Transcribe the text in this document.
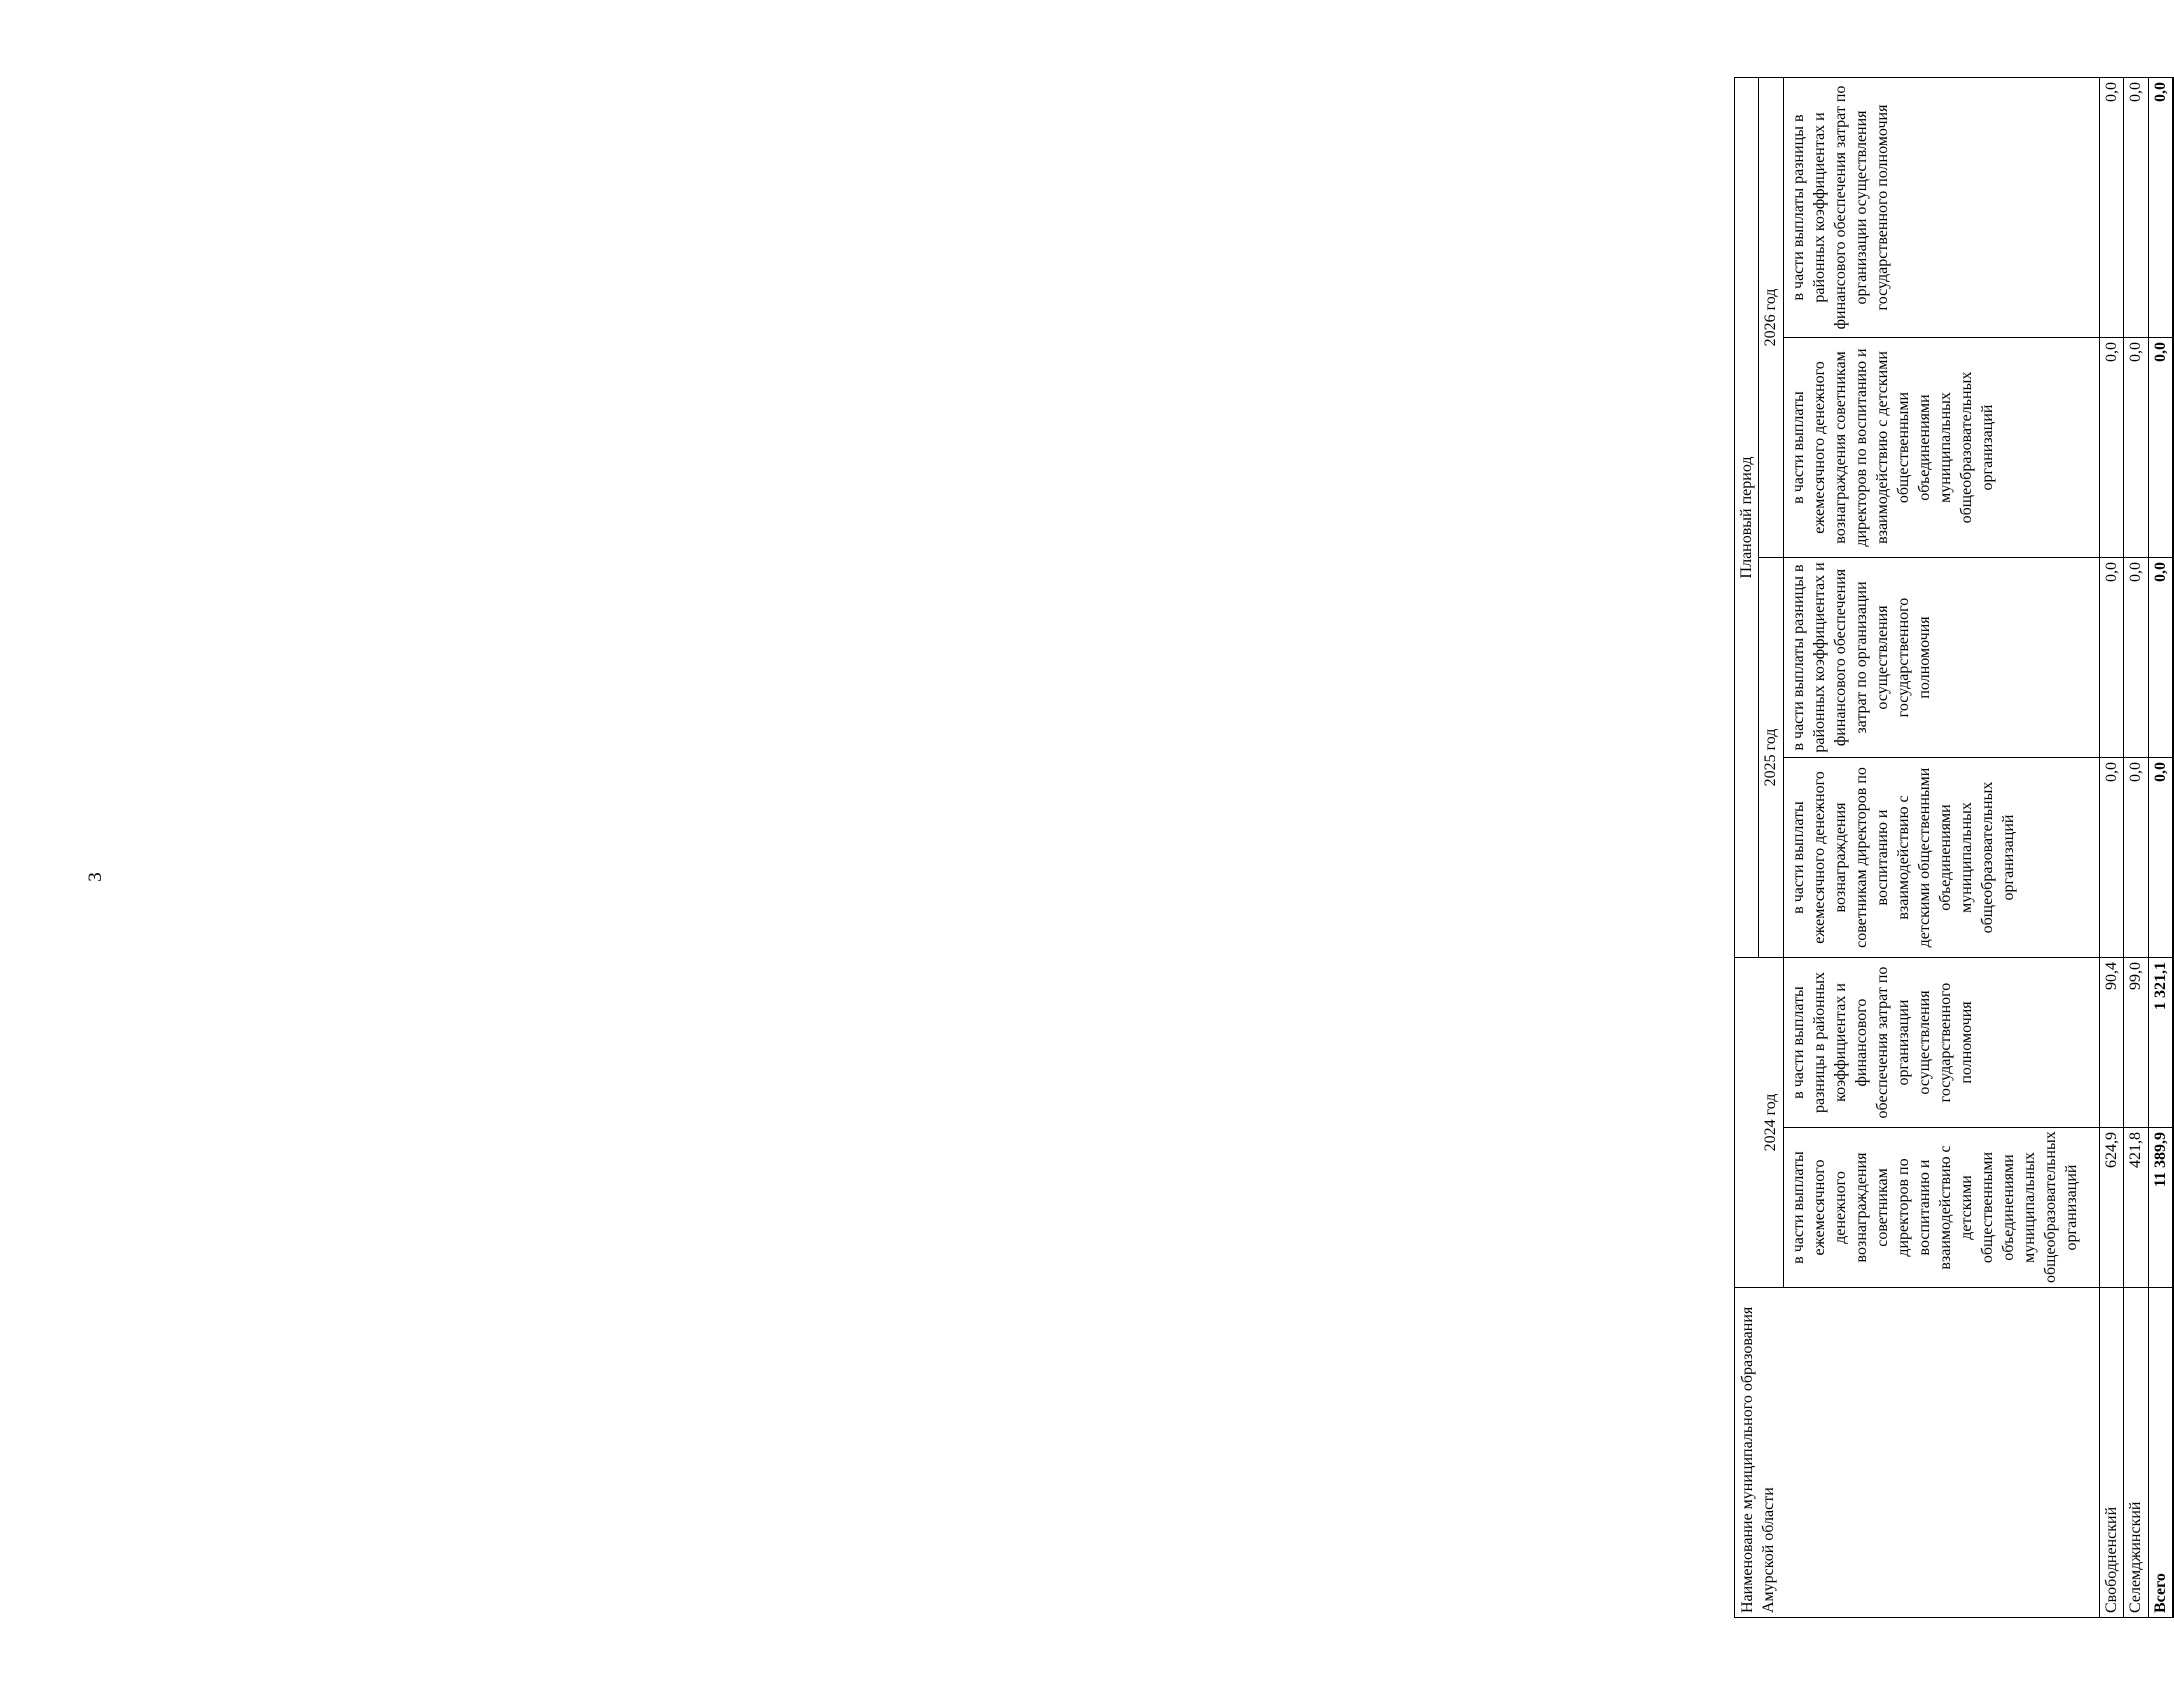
3
Наименование муниципального образования Амурской области			Плановый период			
	2024 год		2025 год		2026 год	
	в части выплаты ежемесячного денежного вознаграждения советникам директоров по воспитанию и взаимодействию с детскими общественными объединениями муниципальных общеобразовательных организаций	в части выплаты разницы в районных коэффициентах и финансового обеспечения затрат по организации осуществления государственного полномочия	в части выплаты ежемесячного денежного вознаграждения советникам директоров по воспитанию и взаимодействию с детскими общественными объединениями муниципальных общеобразовательных организаций	в части выплаты разницы в районных коэффициентах и финансового обеспечения затрат по организации осуществления государственного полномочия	в части выплаты ежемесячного денежного вознаграждения советникам директоров по воспитанию и взаимодействию с детскими общественными объединениями муниципальных общеобразовательных организаций	в части выплаты разницы в районных коэффициентах и финансового обеспечения затрат по организации осуществления государственного полномочия
Свободненский	624,9	90,4	0,0	0,0	0,0	0,0
Селемджинский	421,8	99,0	0,0	0,0	0,0	0,0
Всего	11 389,9	1 321,1	0,0	0,0	0,0	0,0
